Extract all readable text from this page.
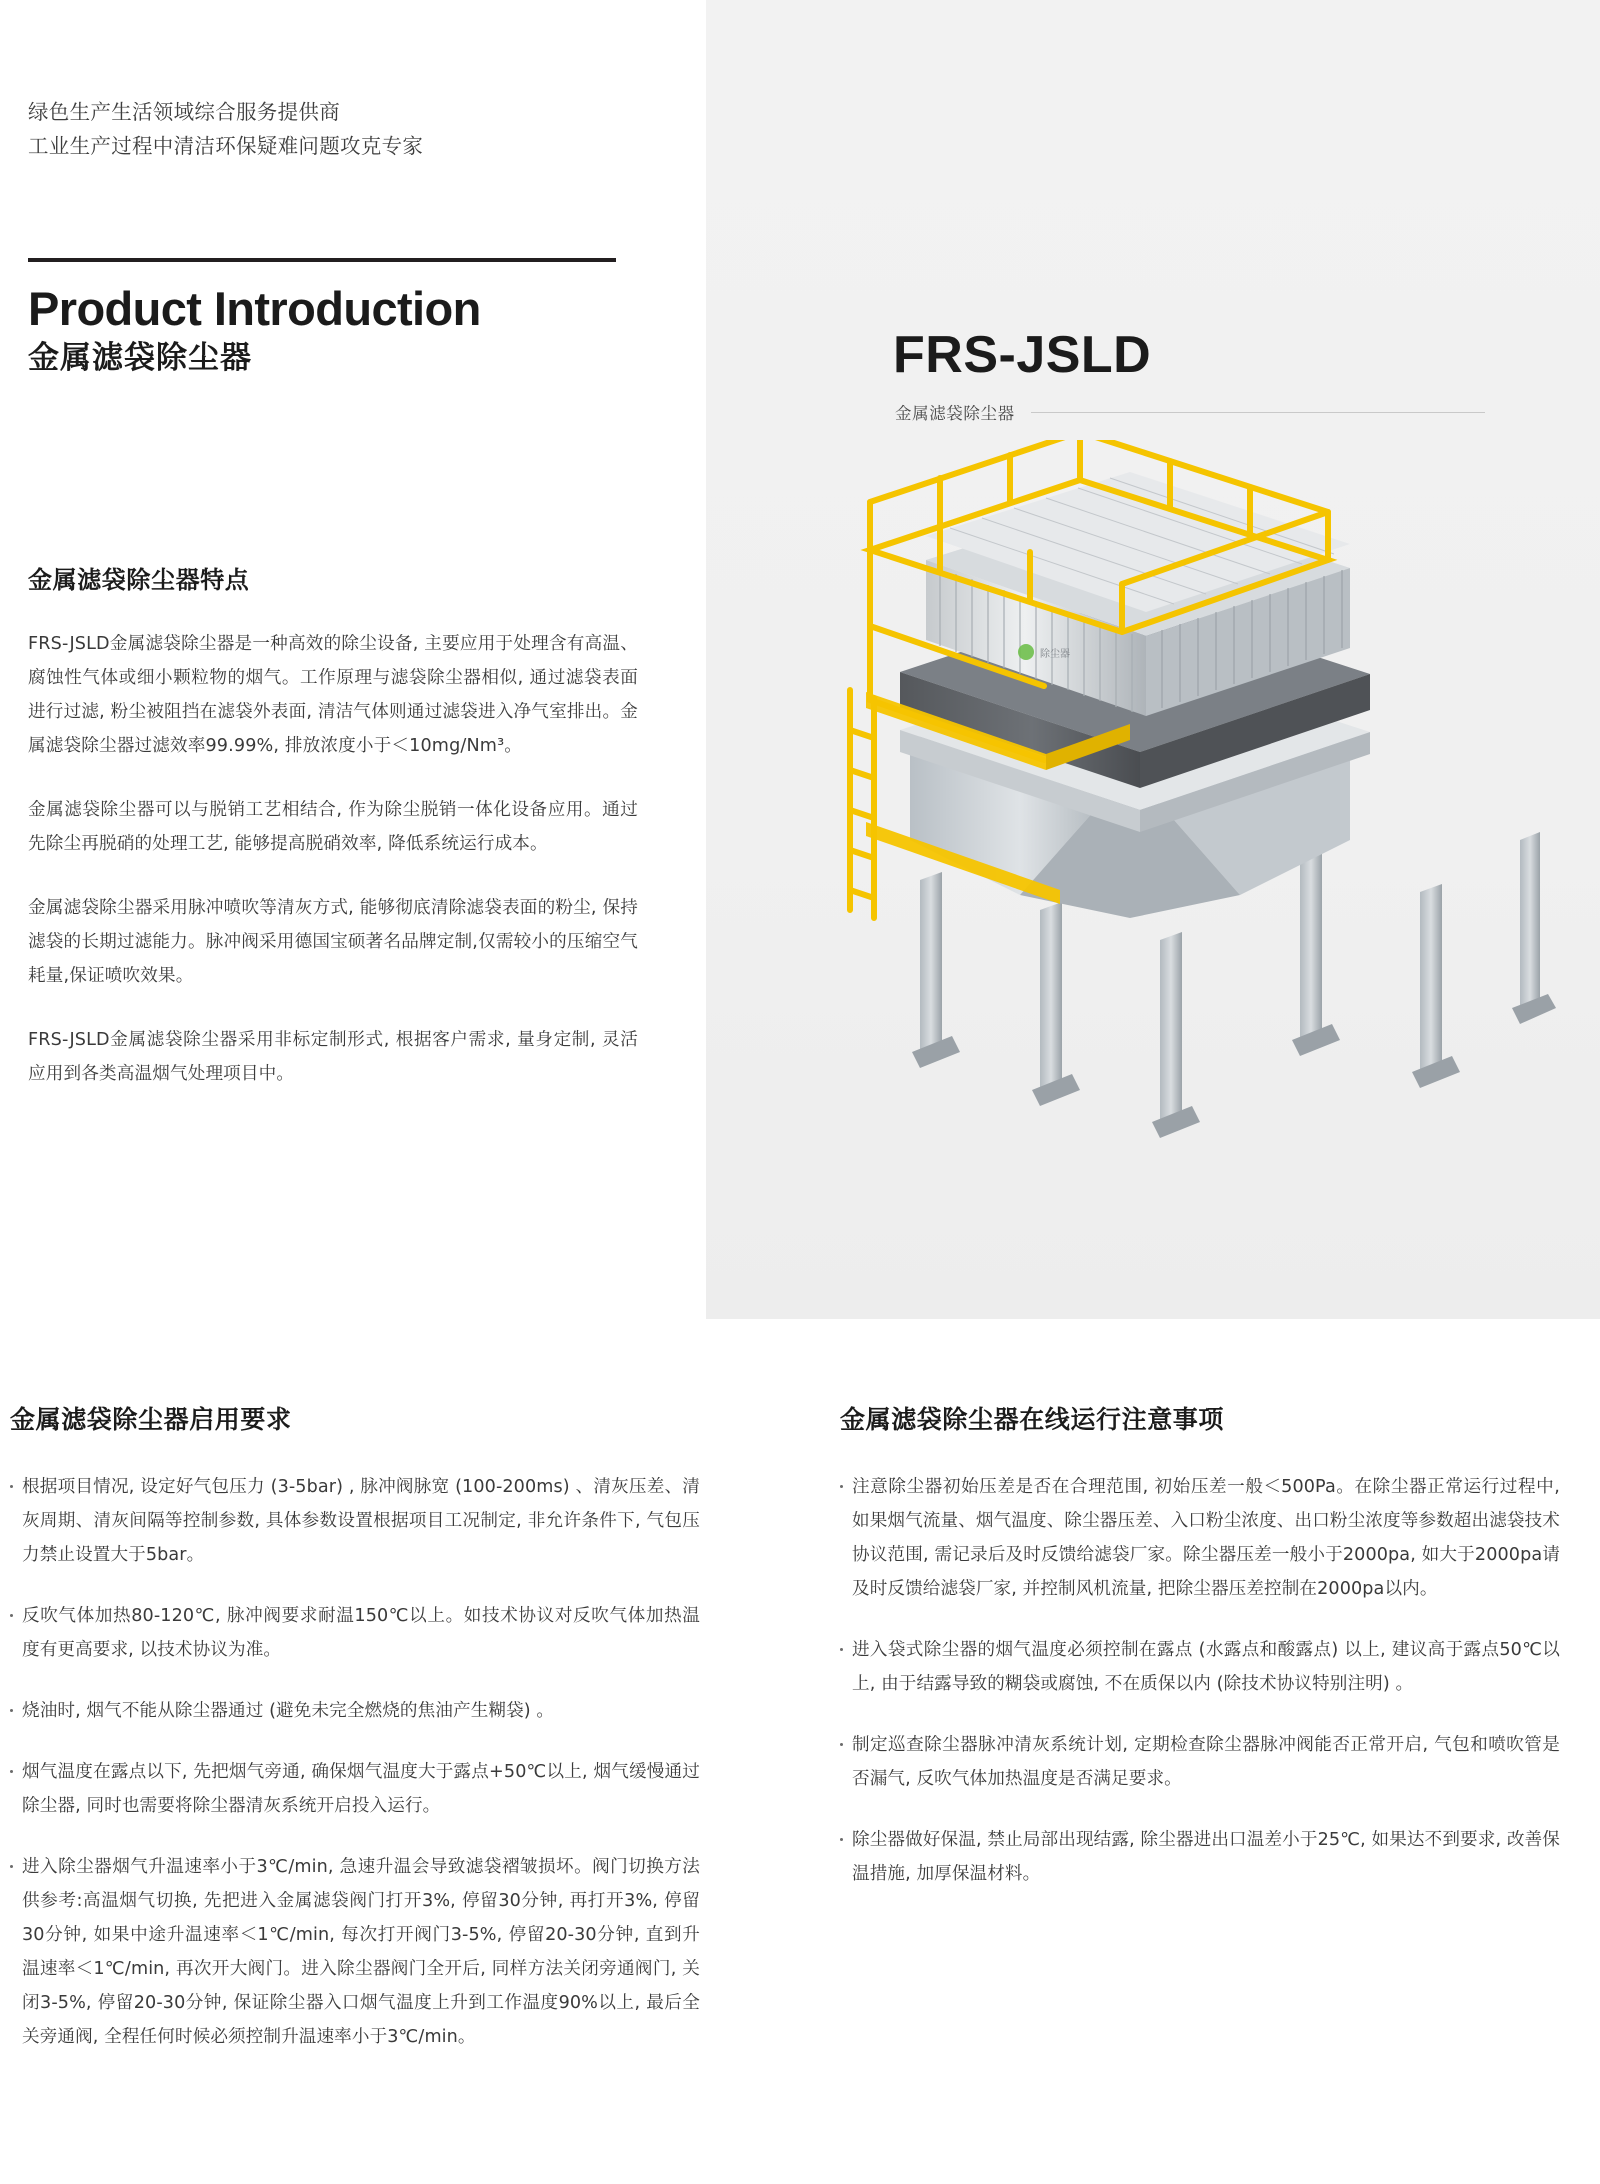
绿色生产生活领域综合服务提供商
工业生产过程中清洁环保疑难问题攻克专家
Product Introduction
金属滤袋除尘器
金属滤袋除尘器特点

FRS-JSLD金属滤袋除尘器是一种高效的除尘设备, 主要应用于处理含有高温、腐蚀性气体或细小颗粒物的烟气。工作原理与滤袋除尘器相似, 通过滤袋表面进行过滤, 粉尘被阻挡在滤袋外表面, 清洁气体则通过滤袋进入净气室排出。金属滤袋除尘器过滤效率99.99%, 排放浓度小于＜10mg/Nm³。

金属滤袋除尘器可以与脱销工艺相结合, 作为除尘脱销一体化设备应用。通过先除尘再脱硝的处理工艺, 能够提高脱硝效率, 降低系统运行成本。

金属滤袋除尘器采用脉冲喷吹等清灰方式, 能够彻底清除滤袋表面的粉尘, 保持滤袋的长期过滤能力。脉冲阀采用德国宝硕著名品牌定制,仅需较小的压缩空气耗量,保证喷吹效果。

FRS-JSLD金属滤袋除尘器采用非标定制形式, 根据客户需求, 量身定制, 灵活应用到各类高温烟气处理项目中。

FRS-JSLD
金属滤袋除尘器
除尘器
金属滤袋除尘器启用要求
根据项目情况, 设定好气包压力 (3-5bar) , 脉冲阀脉宽 (100-200ms) 、清灰压差、清灰周期、清灰间隔等控制参数, 具体参数设置根据项目工况制定, 非允许条件下, 气包压力禁止设置大于5bar。
反吹气体加热80-120℃, 脉冲阀要求耐温150℃以上。如技术协议对反吹气体加热温度有更高要求, 以技术协议为准。
烧油时, 烟气不能从除尘器通过 (避免未完全燃烧的焦油产生糊袋) 。
烟气温度在露点以下, 先把烟气旁通, 确保烟气温度大于露点+50℃以上, 烟气缓慢通过除尘器, 同时也需要将除尘器清灰系统开启投入运行。
进入除尘器烟气升温速率小于3℃/min, 急速升温会导致滤袋褶皱损坏。阀门切换方法供参考:高温烟气切换, 先把进入金属滤袋阀门打开3%, 停留30分钟, 再打开3%, 停留30分钟, 如果中途升温速率＜1℃/min, 每次打开阀门3-5%, 停留20-30分钟, 直到升温速率＜1℃/min, 再次开大阀门。进入除尘器阀门全开后, 同样方法关闭旁通阀门, 关闭3-5%, 停留20-30分钟, 保证除尘器入口烟气温度上升到工作温度90%以上, 最后全关旁通阀, 全程任何时候必须控制升温速率小于3℃/min。
金属滤袋除尘器在线运行注意事项
注意除尘器初始压差是否在合理范围, 初始压差一般＜500Pa。在除尘器正常运行过程中, 如果烟气流量、烟气温度、除尘器压差、入口粉尘浓度、出口粉尘浓度等参数超出滤袋技术协议范围, 需记录后及时反馈给滤袋厂家。除尘器压差一般小于2000pa, 如大于2000pa请及时反馈给滤袋厂家, 并控制风机流量, 把除尘器压差控制在2000pa以内。
进入袋式除尘器的烟气温度必须控制在露点 (水露点和酸露点) 以上, 建议高于露点50℃以上, 由于结露导致的糊袋或腐蚀, 不在质保以内 (除技术协议特别注明) 。
制定巡查除尘器脉冲清灰系统计划, 定期检查除尘器脉冲阀能否正常开启, 气包和喷吹管是否漏气, 反吹气体加热温度是否满足要求。
除尘器做好保温, 禁止局部出现结露, 除尘器进出口温差小于25℃, 如果达不到要求, 改善保温措施, 加厚保温材料。
